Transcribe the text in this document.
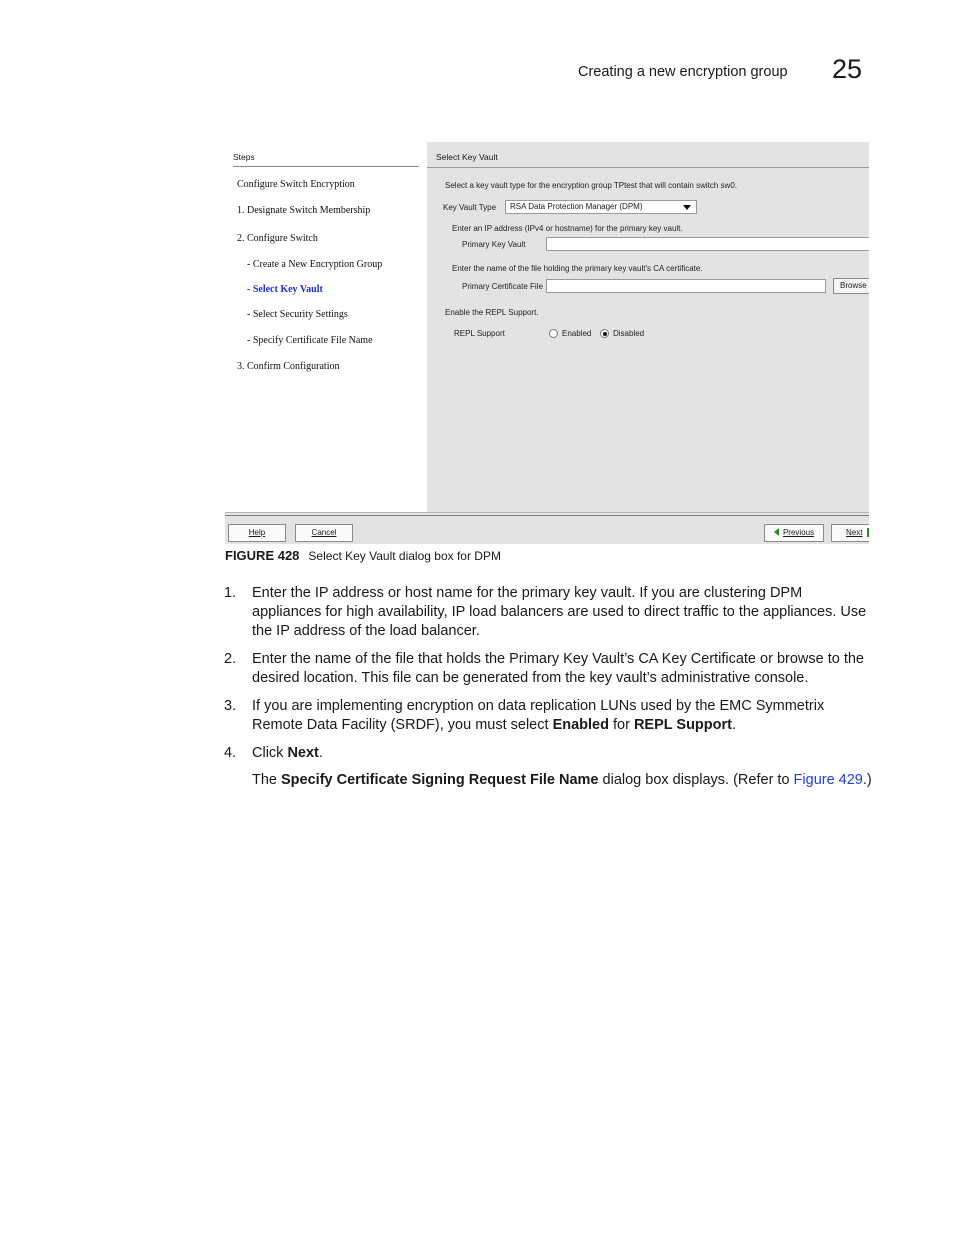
Creating a new encryption group 25
Steps
Configure Switch Encryption
1. Designate Switch Membership
2. Configure Switch
- Create a New Encryption Group
- Select Key Vault
- Select Security Settings
- Specify Certificate File Name
3. Confirm Configuration
Select Key Vault
Select a key vault type for the encryption group TPtest that will contain switch sw0.
Key Vault Type	RSA Data Protection Manager (DPM)
Enter an IP address (IPv4 or hostname) for the primary key vault.
Primary Key Vault
Enter the name of the file holding the primary key vault's CA certificate.
Primary Certificate File	Browse
Enable the REPL Support.
REPL Support	Enabled	Disabled
Help	Cancel	Previous	Next
FIGURE 428 Select Key Vault dialog box for DPM
1. Enter the IP address or host name for the primary key vault. If you are clustering DPM appliances for high availability, IP load balancers are used to direct traffic to the appliances. Use the IP address of the load balancer.
2. Enter the name of the file that holds the Primary Key Vault’s CA Key Certificate or browse to the desired location. This file can be generated from the key vault’s administrative console.
3. If you are implementing encryption on data replication LUNs used by the EMC Symmetrix Remote Data Facility (SRDF), you must select Enabled for REPL Support.
4. Click Next.
The Specify Certificate Signing Request File Name dialog box displays. (Refer to Figure 429.)
